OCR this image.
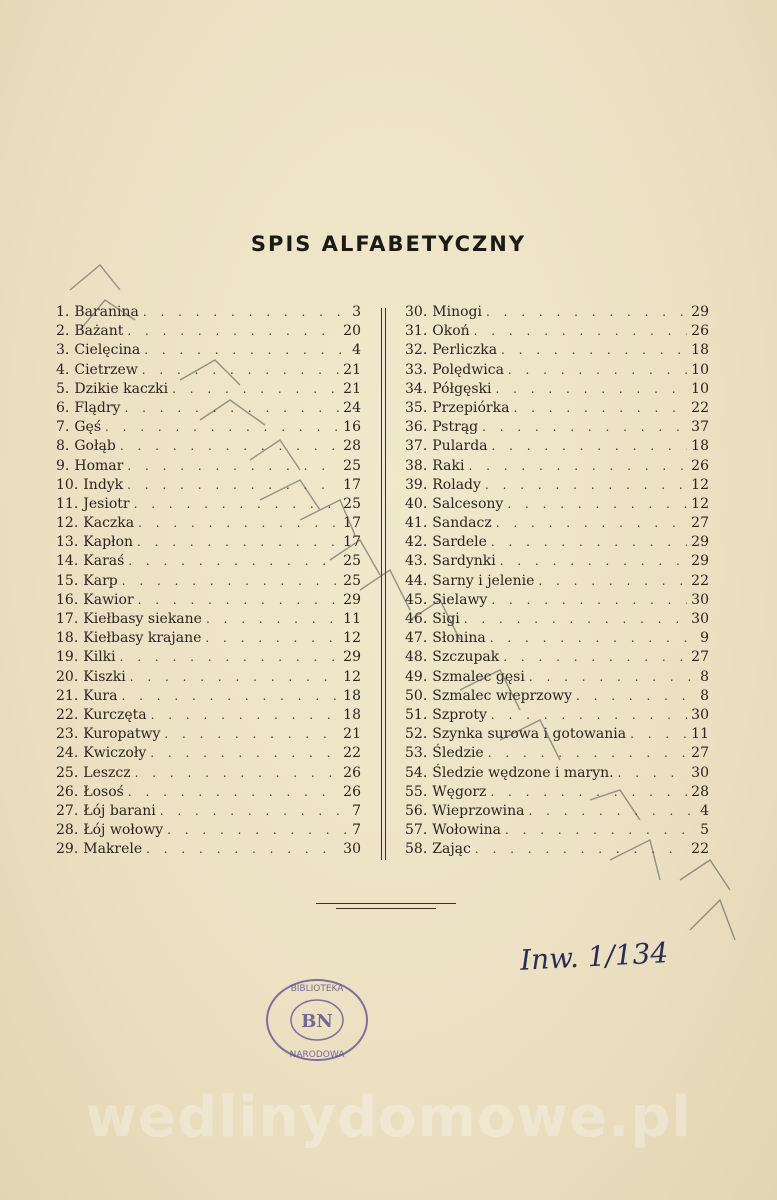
SPIS ALFABETYCZNY
1. Baranina . . .	3
2. Bażant . . .	20
3. Cielęcina . . .	4
4. Cietrzew . . .	21
5. Dzikie kaczki . . .	21
6. Flądry . . .	24
7. Gęś . . .	16
8. Gołąb . . .	28
9. Homar . . .	25
10. Indyk . . .	17
11. Jesiotr . . .	25
12. Kaczka . . .	17
13. Kapłon . . .	17
14. Karaś . . .	25
15. Karp . . .	25
16. Kawior . . .	29
17. Kiełbasy siekane . . .	11
18. Kiełbasy krajane . . .	12
19. Kilki . . .	29
20. Kiszki . . .	12
21. Kura . . .	18
22. Kurczęta . . .	18
23. Kuropatwy . . .	21
24. Kwiczoły . . .	22
25. Leszcz . . .	26
26. Łosoś . . .	26
27. Łój barani . . .	7
28. Łój wołowy . . .	7
29. Makrele . . .	30
30. Minogi . . .	29
31. Okoń . . .	26
32. Perliczka . . .	18
33. Polędwica . . .	10
34. Półgęski . . .	10
35. Przepiórka . . .	22
36. Pstrąg . . .	37
37. Pularda . . .	18
38. Raki . . .	26
39. Rolady . . .	12
40. Salcesony . . .	12
41. Sandacz . . .	27
42. Sardele . . .	29
43. Sardynki . . .	29
44. Sarny i jelenie . . .	22
45. Sielawy . . .	30
46. Sigi . . .	30
47. Słonina . . .	9
48. Szczupak . . .	27
49. Szmalec gęsi . . .	8
50. Szmalec wieprzowy . . .	8
51. Szproty . . .	30
52. Szynka surowa i gotowania . . .	11
53. Śledzie . . .	27
54. Śledzie wędzone i maryn. . . .	30
55. Węgorz . . .	28
56. Wieprzowina . . .	4
57. Wołowina . . .	5
58. Zając . . .	22
Inw. 1/134
BN
BIBLIOTEKA
NARODOWA
wedlinydomowe.pl
